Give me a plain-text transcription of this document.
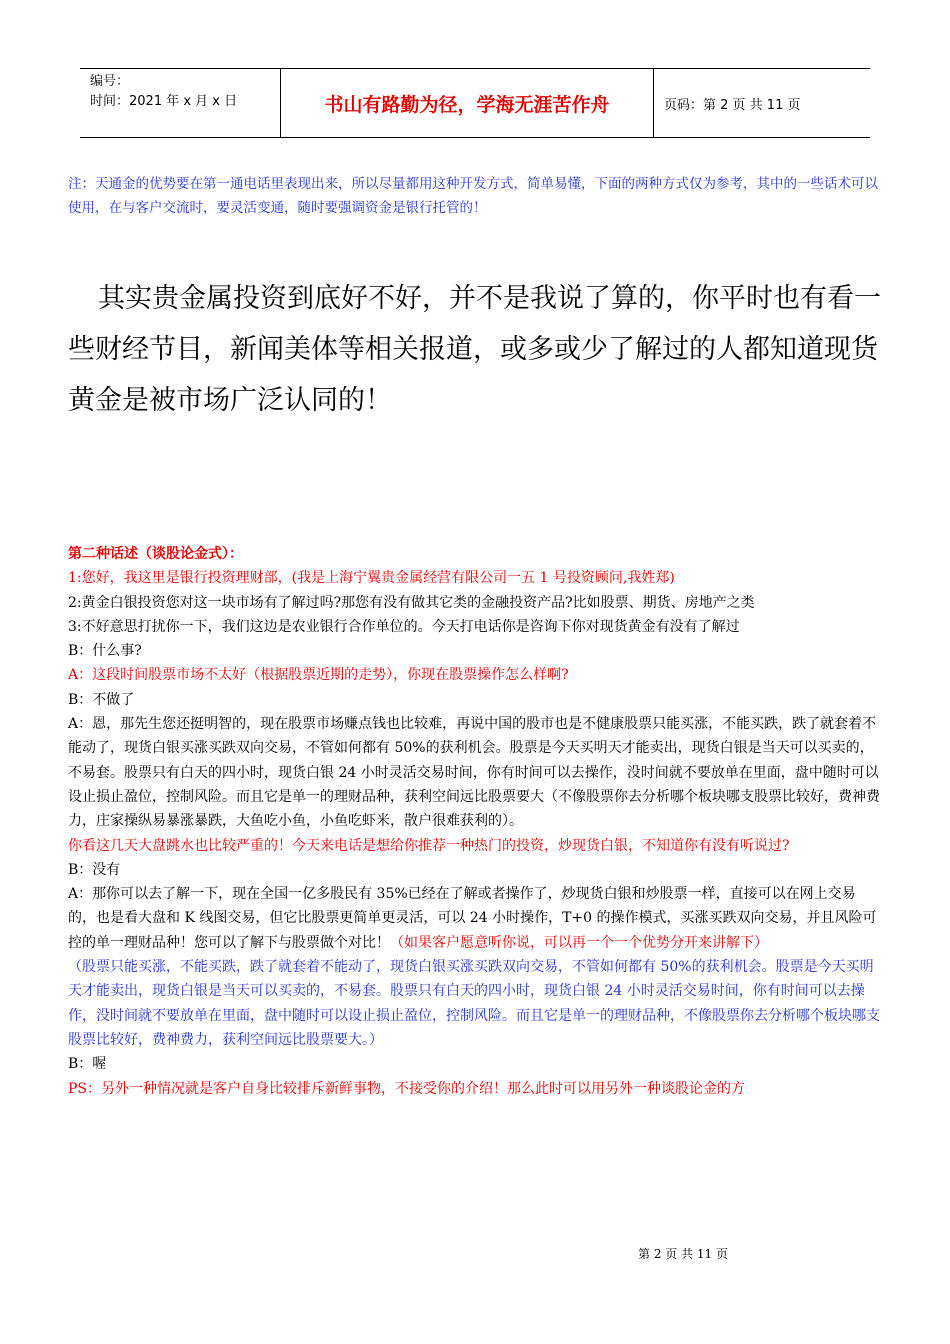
编号：
时间：2021 年 x 月 x 日	书山有路勤为径，学海无涯苦作舟	页码：第 2 页 共 11 页
注：天通金的优势要在第一通电话里表现出来，所以尽量都用这种开发方式，简单易懂，下面的两种方式仅为参考，其中的一些话术可以使用，在与客户交流时，要灵活变通，随时要强调资金是银行托管的！
其实贵金属投资到底好不好，并不是我说了算的，你平时也有看一些财经节目，新闻美体等相关报道，或多或少了解过的人都知道现货黄金是被市场广泛认同的！

第二种话述（谈股论金式）：

1:您好，我这里是银行投资理财部，(我是上海宁翼贵金属经营有限公司一五 1 号投资顾问,我姓郑)

2:黄金白银投资您对这一块市场有了解过吗?那您有没有做其它类的金融投资产品?比如股票、期货、房地产之类

3:不好意思打扰你一下，我们这边是农业银行合作单位的。今天打电话你是咨询下你对现货黄金有没有了解过

B：什么事?

A：这段时间股票市场不太好（根据股票近期的走势），你现在股票操作怎么样啊?

B：不做了

A：恩，那先生您还挺明智的，现在股票市场赚点钱也比较难，再说中国的股市也是不健康股票只能买涨，不能买跌，跌了就套着不能动了，现货白银买涨买跌双向交易，不管如何都有 50%的获利机会。股票是今天买明天才能卖出，现货白银是当天可以买卖的，不易套。股票只有白天的四小时，现货白银 24 小时灵活交易时间，你有时间可以去操作，没时间就不要放单在里面，盘中随时可以设止损止盈位，控制风险。而且它是单一的理财品种，获利空间远比股票要大（不像股票你去分析哪个板块哪支股票比较好，费神费力，庄家操纵易暴涨暴跌，大鱼吃小鱼，小鱼吃虾米，散户很难获利的）。

你看这几天大盘跳水也比较严重的！今天来电话是想给你推荐一种热门的投资，炒现货白银，不知道你有没有听说过?

B：没有

A：那你可以去了解一下，现在全国一亿多股民有 35%已经在了解或者操作了，炒现货白银和炒股票一样，直接可以在网上交易的，也是看大盘和 K 线图交易，但它比股票更简单更灵活，可以 24 小时操作，T+0 的操作模式，买涨买跌双向交易，并且风险可控的单一理财品种！您可以了解下与股票做个对比！（如果客户愿意听你说，可以再一个一个优势分开来讲解下）

（股票只能买涨，不能买跌，跌了就套着不能动了，现货白银买涨买跌双向交易，不管如何都有 50%的获利机会。股票是今天买明天才能卖出，现货白银是当天可以买卖的，不易套。股票只有白天的四小时，现货白银 24 小时灵活交易时间，你有时间可以去操作，没时间就不要放单在里面，盘中随时可以设止损止盈位，控制风险。而且它是单一的理财品种，不像股票你去分析哪个板块哪支股票比较好，费神费力，获利空间远比股票要大。）

B：喔

PS：另外一种情况就是客户自身比较排斥新鲜事物，不接受你的介绍！那么此时可以用另外一种谈股论金的方

第 2 页 共 11 页
